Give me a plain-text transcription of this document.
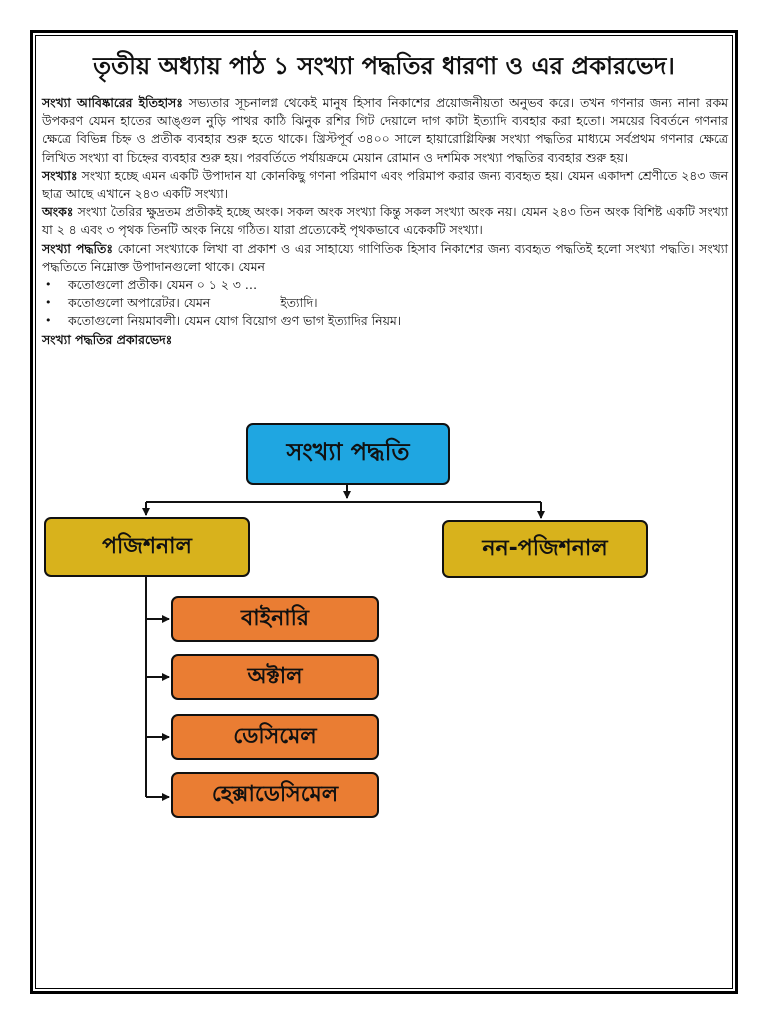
তৃতীয় অধ্যায় পাঠ ১ সংখ্যা পদ্ধতির ধারণা ও এর প্রকারভেদ।

সংখ্যা আবিষ্কারের ইতিহাসঃ সভ্যতার সূচনালগ্ন থেকেই মানুষ হিসাব নিকাশের প্রয়োজনীয়তা অনুভব করে। তখন গণনার জন্য নানা রকম উপকরণ যেমন হাতের আঙ্গুল নুড়ি পাথর কাঠি ঝিনুক রশির গিট দেয়ালে দাগ কাটা ইত্যাদি ব্যবহার করা হতো। সময়ের বিবর্তনে গণনার ক্ষেত্রে বিভিন্ন চিহ্ন ও প্রতীক ব্যবহার শুরু হতে থাকে। খ্রিস্টপূর্ব ৩৪০০ সালে হায়ারোগ্লিফিক্স সংখ্যা পদ্ধতির মাধ্যমে সর্বপ্রথম গণনার ক্ষেত্রে লিখিত সংখ্যা বা চিহ্নের ব্যবহার শুরু হয়। পরবর্তিতে পর্যায়ক্রমে মেয়ান রোমান ও দশমিক সংখ্যা পদ্ধতির ব্যবহার শুরু হয়।

সংখ্যাঃ সংখ্যা হচ্ছে এমন একটি উপাদান যা কোনকিছু গণনা পরিমাণ এবং পরিমাপ করার জন্য ব্যবহৃত হয়। যেমন একাদশ শ্রেণীতে ২৪৩ জন ছাত্র আছে এখানে ২৪৩ একটি সংখ্যা।

অংকঃ সংখ্যা তৈরির ক্ষুদ্রতম প্রতীকই হচ্ছে অংক। সকল অংক সংখ্যা কিন্তু সকল সংখ্যা অংক নয়। যেমন ২৪৩ তিন অংক বিশিষ্ট একটি সংখ্যা যা ২ ৪ এবং ৩ পৃথক তিনটি অংক নিয়ে গঠিত। যারা প্রত্যেকেই পৃথকভাবে একেকটি সংখ্যা।

সংখ্যা পদ্ধতিঃ কোনো সংখ্যাকে লিখা বা প্রকাশ ও এর সাহায্যে গাণিতিক হিসাব নিকাশের জন্য ব্যবহৃত পদ্ধতিই হলো সংখ্যা পদ্ধতি। সংখ্যা পদ্ধতিতে নিম্নোক্ত উপাদানগুলো থাকে। যেমন

• কতোগুলো প্রতীক। যেমন ০ ১ ২ ৩ …
• কতোগুলো অপারেটর। যেমন	ইত্যাদি।
• কতোগুলো নিয়মাবলী। যেমন যোগ বিয়োগ গুণ ভাগ ইত্যাদির নিয়ম।

সংখ্যা পদ্ধতির প্রকারভেদঃ

সংখ্যা পদ্ধতি
পজিশনাল	নন-পজিশনাল
বাইনারি
অক্টাল
ডেসিমেল
হেক্সাডেসিমেল
